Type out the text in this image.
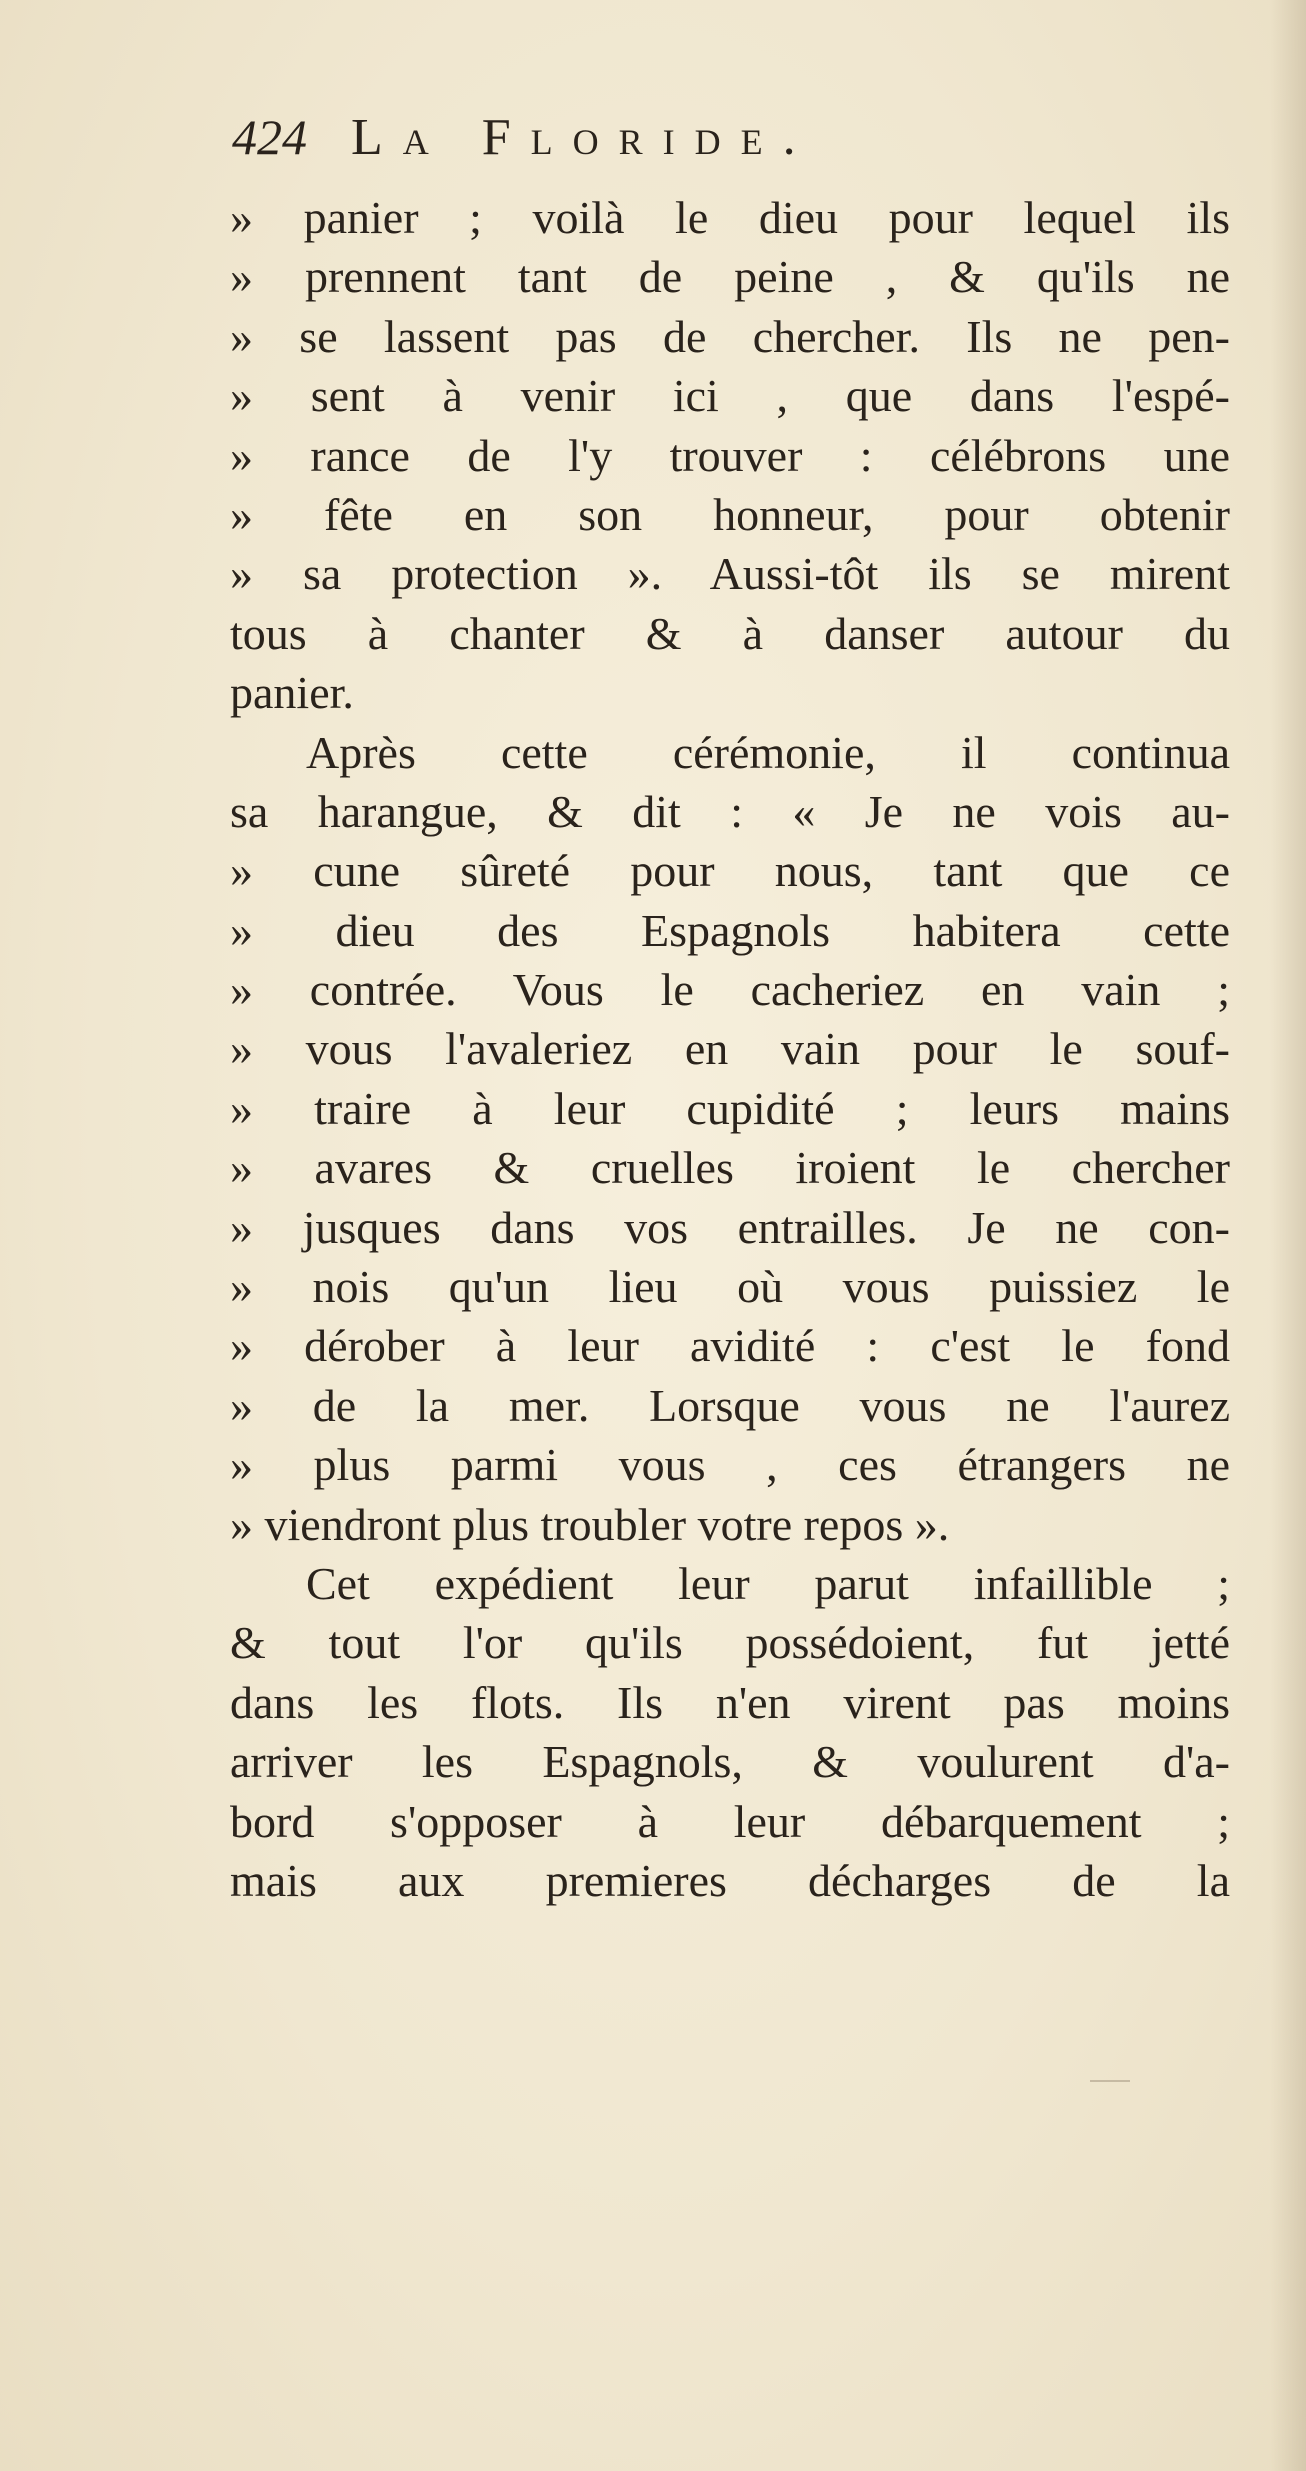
424 La Floride.
» panier ; voilà le dieu pour lequel ils
» prennent tant de peine , & qu'ils ne
» se lassent pas de chercher. Ils ne pen-
» sent à venir ici , que dans l'espé-
» rance de l'y trouver : célébrons une
» fête en son honneur, pour obtenir
» sa protection ». Aussi-tôt ils se mirent
tous à chanter & à danser autour du
panier.
Après cette cérémonie, il continua
sa harangue, & dit : « Je ne vois au-
» cune sûreté pour nous, tant que ce
» dieu des Espagnols habitera cette
» contrée. Vous le cacheriez en vain ;
» vous l'avaleriez en vain pour le souf-
» traire à leur cupidité ; leurs mains
» avares & cruelles iroient le chercher
» jusques dans vos entrailles. Je ne con-
» nois qu'un lieu où vous puissiez le
» dérober à leur avidité : c'est le fond
» de la mer. Lorsque vous ne l'aurez
» plus parmi vous , ces étrangers ne
» viendront plus troubler votre repos ».
Cet expédient leur parut infaillible ;
& tout l'or qu'ils possédoient, fut jetté
dans les flots. Ils n'en virent pas moins
arriver les Espagnols, & voulurent d'a-
bord s'opposer à leur débarquement ;
mais aux premieres décharges de la
